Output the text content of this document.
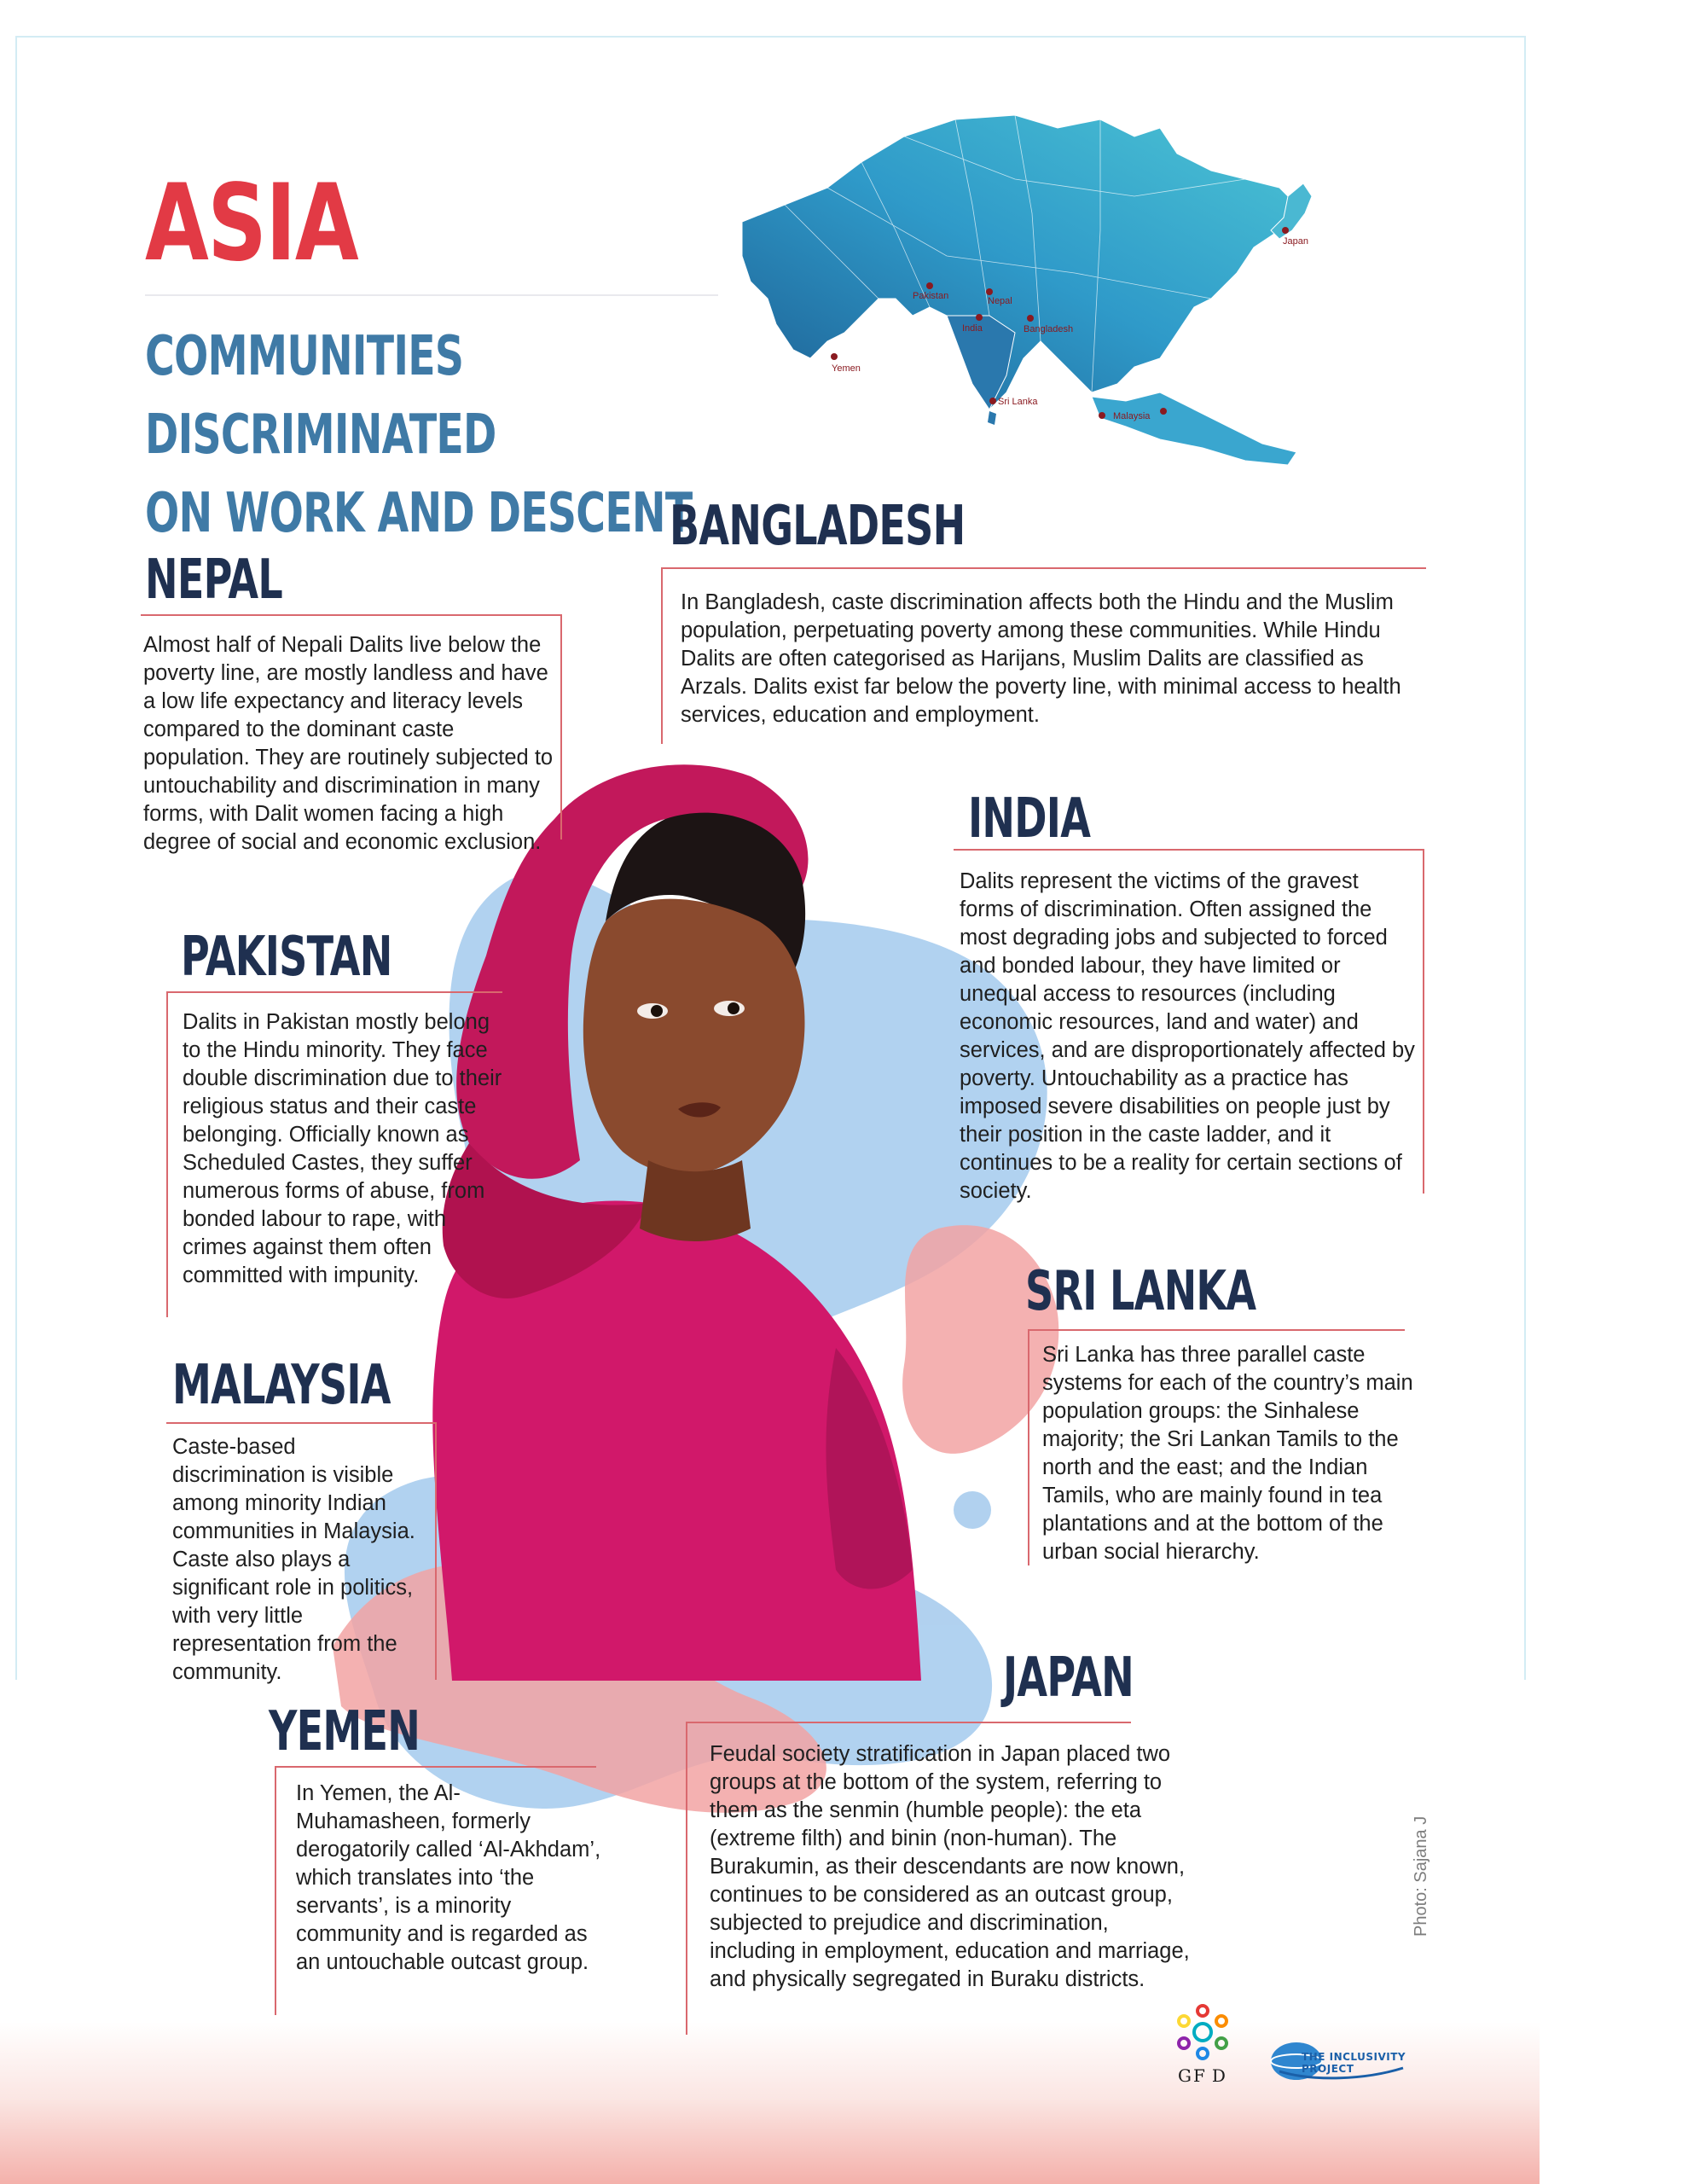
ASIA
COMMUNITIES DISCRIMINATED
ON WORK AND DESCENT
Japan
Pakistan	Nepal
India	Bangladesh
Yemen
Sri Lanka
Malaysia
NEPAL

Almost half of Nepali Dalits live below the poverty line, are mostly landless and have a low life expectancy and literacy levels compared to the dominant caste population. They are routinely subjected to untouchability and discrimination in many forms, with Dalit women facing a high degree of social and economic exclusion.

BANGLADESH

In Bangladesh, caste discrimination affects both the Hindu and the Muslim population, perpetuating poverty among these communities. While Hindu Dalits are often categorised as Harijans, Muslim Dalits are classified as Arzals. Dalits exist far below the poverty line, with minimal access to health services, education and employment.

INDIA

Dalits represent the victims of the gravest forms of discrimination. Often assigned the most degrading jobs and subjected to forced and bonded labour, they have limited or unequal access to resources (including economic resources, land and water) and services, and are disproportionately affected by poverty. Untouchability as a practice has imposed severe disabilities on people just by their position in the caste ladder, and it continues to be a reality for certain sections of society.

PAKISTAN

Dalits in Pakistan mostly belong to the Hindu minority. They face double discrimination due to their religious status and their caste belonging. Officially known as Scheduled Castes, they suffer numerous forms of abuse, from bonded labour to rape, with crimes against them often committed with impunity.	SRI LANKA

Sri Lanka has three parallel caste systems for each of the country’s main population groups: the Sinhalese majority; the Sri Lankan Tamils to the north and the east; and the Indian Tamils, who are mainly found in tea plantations and at the bottom of the urban social hierarchy.

MALAYSIA

Caste-based discrimination is visible among minority Indian communities in Malaysia. Caste also plays a significant role in politics, with very little representation from the community.	JAPAN

Feudal society stratification in Japan placed two groups at the bottom of the system, referring to them as the senmin (humble people): the eta (extreme filth) and binin (non-human). The Burakumin, as their descendants are now known, continues to be considered as an outcast group, subjected to prejudice and discrimination, including in employment, education and marriage, and physically segregated in Buraku districts.

YEMEN

In Yemen, the Al-Muhamasheen, formerly derogatorily called ‘Al-Akhdam’, which translates into ‘the servants’, is a minority community and is regarded as an untouchable outcast group.

Photo: Sajana J
GF D
THE INCLUSIVITY PROJECT
